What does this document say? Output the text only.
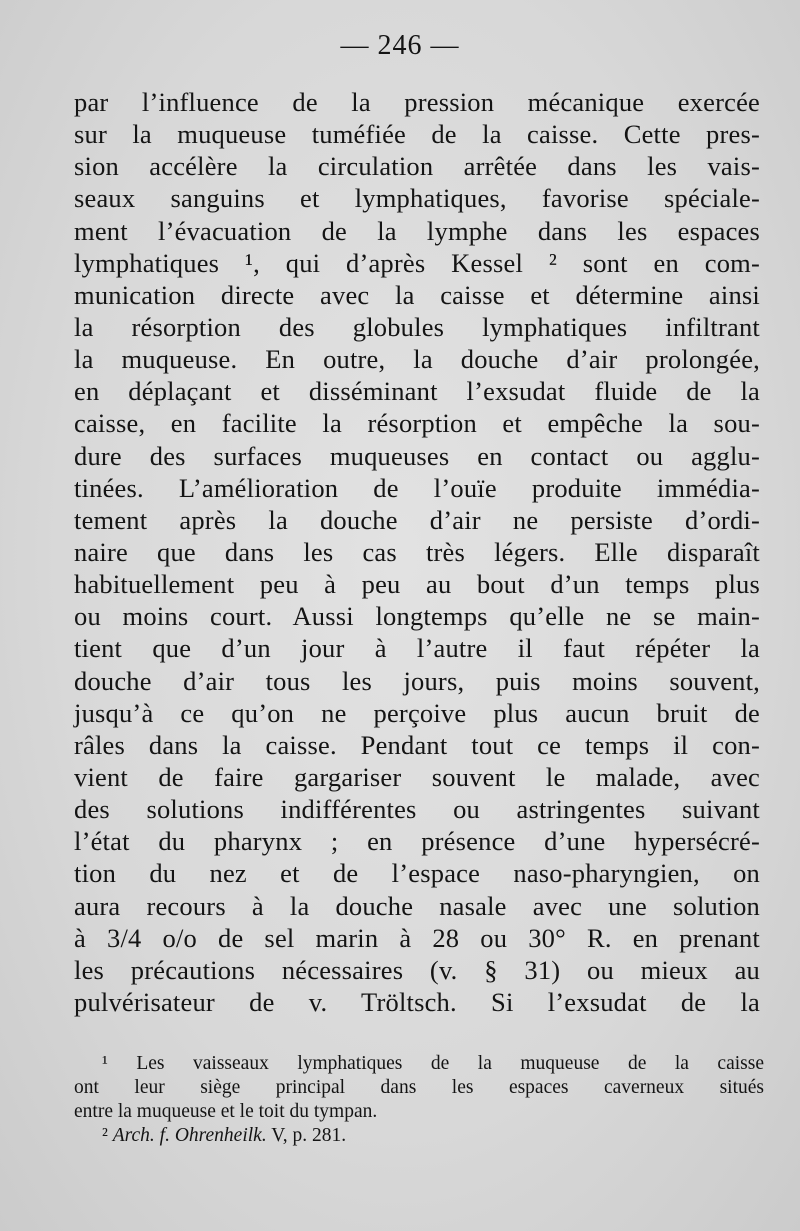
— 246 —
par l’influence de la pression mécanique exercée
sur la muqueuse tuméfiée de la caisse. Cette pres-
sion accélère la circulation arrêtée dans les vais-
seaux sanguins et lymphatiques, favorise spéciale-
ment l’évacuation de la lymphe dans les espaces
lymphatiques ¹, qui d’après Kessel ² sont en com-
munication directe avec la caisse et détermine ainsi
la résorption des globules lymphatiques infiltrant
la muqueuse. En outre, la douche d’air prolongée,
en déplaçant et disséminant l’exsudat fluide de la
caisse, en facilite la résorption et empêche la sou-
dure des surfaces muqueuses en contact ou agglu-
tinées. L’amélioration de l’ouïe produite immédia-
tement après la douche d’air ne persiste d’ordi-
naire que dans les cas très légers. Elle disparaît
habituellement peu à peu au bout d’un temps plus
ou moins court. Aussi longtemps qu’elle ne se main-
tient que d’un jour à l’autre il faut répéter la
douche d’air tous les jours, puis moins souvent,
jusqu’à ce qu’on ne perçoive plus aucun bruit de
râles dans la caisse. Pendant tout ce temps il con-
vient de faire gargariser souvent le malade, avec
des solutions indifférentes ou astringentes suivant
l’état du pharynx ; en présence d’une hypersécré-
tion du nez et de l’espace naso-pharyngien, on
aura recours à la douche nasale avec une solution
à 3/4 o/o de sel marin à 28 ou 30° R. en prenant
les précautions nécessaires (v. § 31) ou mieux au
pulvérisateur de v. Tröltsch. Si l’exsudat de la
¹ Les vaisseaux lymphatiques de la muqueuse de la caisse
ont leur siège principal dans les espaces caverneux situés
entre la muqueuse et le toit du tympan.
² Arch. f. Ohrenheilk. V, p. 281.
